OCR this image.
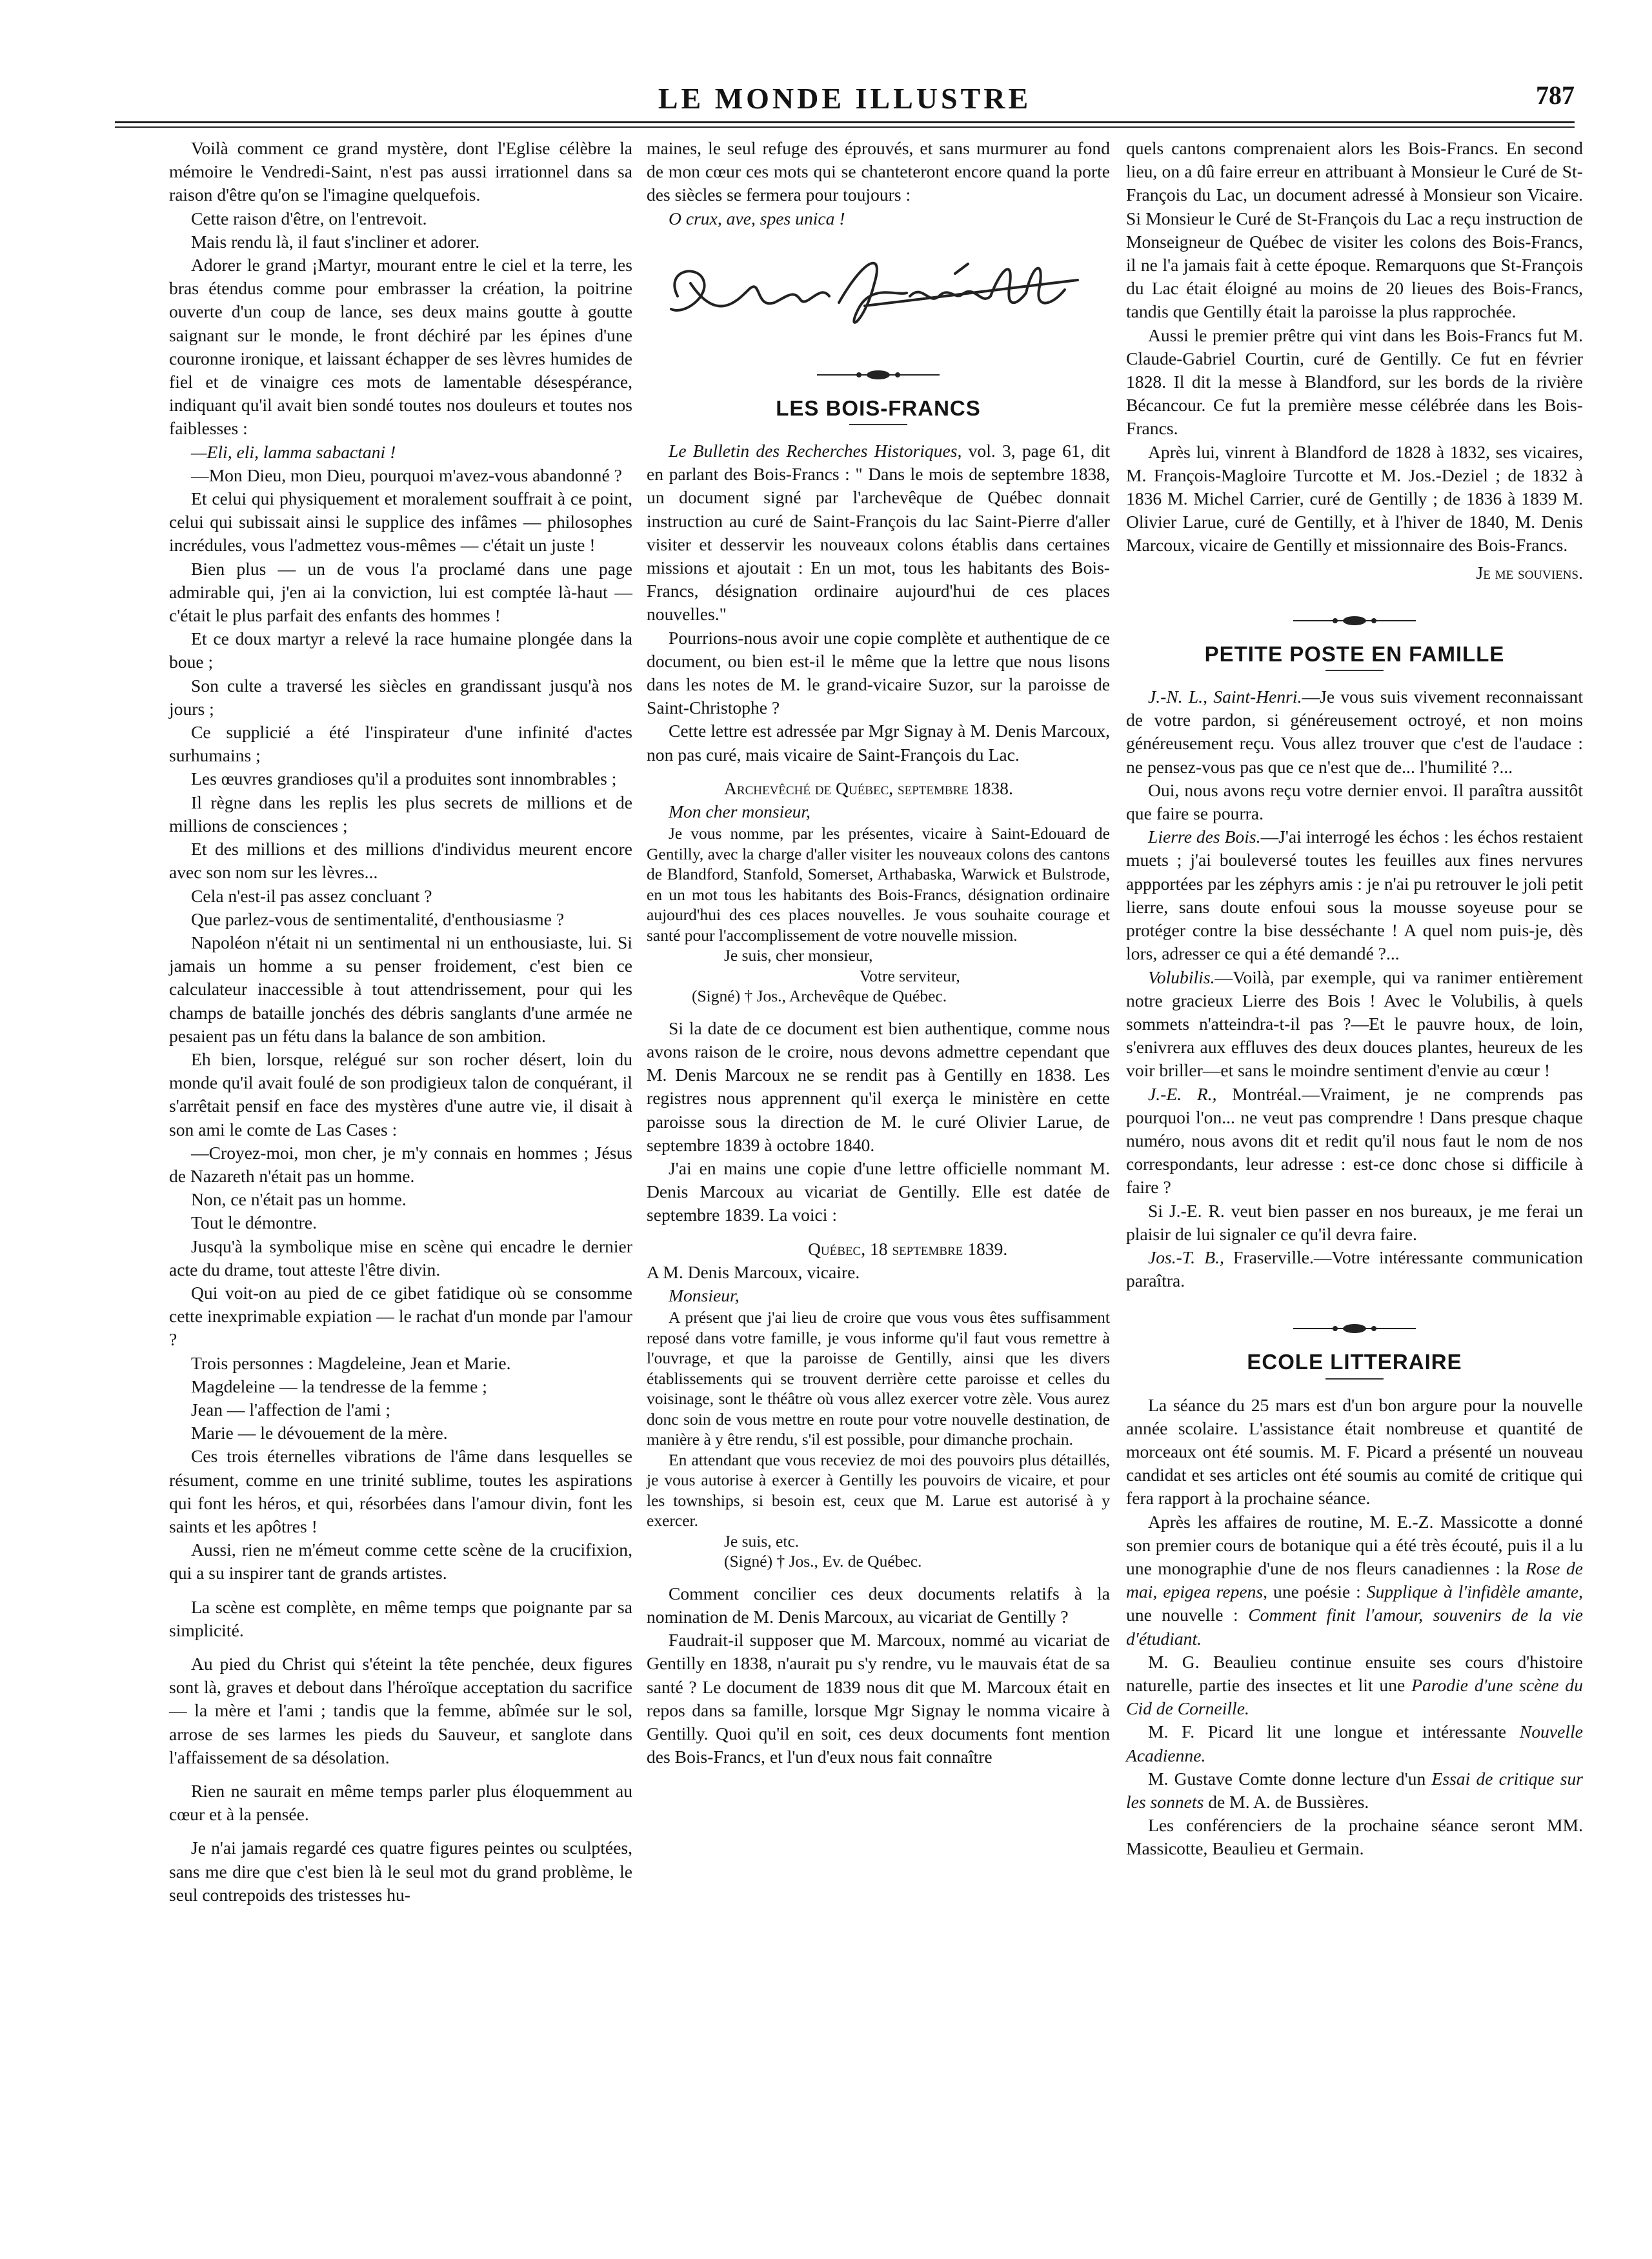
LE MONDE ILLUSTRE	787

Voilà comment ce grand mystère, dont l'Eglise célèbre la mémoire le Vendredi-Saint, n'est pas aussi irrationnel dans sa raison d'être qu'on se l'imagine quelquefois.

Cette raison d'être, on l'entrevoit.

Mais rendu là, il faut s'incliner et adorer.

Adorer le grand ¡Martyr, mourant entre le ciel et la terre, les bras étendus comme pour embrasser la création, la poitrine ouverte d'un coup de lance, ses deux mains goutte à goutte saignant sur le monde, le front déchiré par les épines d'une couronne ironique, et laissant échapper de ses lèvres humides de fiel et de vinaigre ces mots de lamentable désespérance, indiquant qu'il avait bien sondé toutes nos douleurs et toutes nos faiblesses :

—Eli, eli, lamma sabactani !

—Mon Dieu, mon Dieu, pourquoi m'avez-vous abandonné ?

Et celui qui physiquement et moralement souffrait à ce point, celui qui subissait ainsi le supplice des infâmes — philosophes incrédules, vous l'admettez vous-mêmes — c'était un juste !

Bien plus — un de vous l'a proclamé dans une page admirable qui, j'en ai la conviction, lui est comptée là-haut — c'était le plus parfait des enfants des hommes !

Et ce doux martyr a relevé la race humaine plongée dans la boue ;

Son culte a traversé les siècles en grandissant jusqu'à nos jours ;

Ce supplicié a été l'inspirateur d'une infinité d'actes surhumains ;

Les œuvres grandioses qu'il a produites sont innombrables ;

Il règne dans les replis les plus secrets de millions et de millions de consciences ;

Et des millions et des millions d'individus meurent encore avec son nom sur les lèvres...

Cela n'est-il pas assez concluant ?

Que parlez-vous de sentimentalité, d'enthousiasme ?

Napoléon n'était ni un sentimental ni un enthousiaste, lui. Si jamais un homme a su penser froidement, c'est bien ce calculateur inaccessible à tout attendrissement, pour qui les champs de bataille jonchés des débris sanglants d'une armée ne pesaient pas un fétu dans la balance de son ambition.

Eh bien, lorsque, relégué sur son rocher désert, loin du monde qu'il avait foulé de son prodigieux talon de conquérant, il s'arrêtait pensif en face des mystères d'une autre vie, il disait à son ami le comte de Las Cases :

—Croyez-moi, mon cher, je m'y connais en hommes ; Jésus de Nazareth n'était pas un homme.

Non, ce n'était pas un homme.

Tout le démontre.

Jusqu'à la symbolique mise en scène qui encadre le dernier acte du drame, tout atteste l'être divin.

Qui voit-on au pied de ce gibet fatidique où se consomme cette inexprimable expiation — le rachat d'un monde par l'amour ?

Trois personnes : Magdeleine, Jean et Marie.

Magdeleine — la tendresse de la femme ;

Jean — l'affection de l'ami ;

Marie — le dévouement de la mère.

Ces trois éternelles vibrations de l'âme dans lesquelles se résument, comme en une trinité sublime, toutes les aspirations qui font les héros, et qui, résorbées dans l'amour divin, font les saints et les apôtres !

Aussi, rien ne m'émeut comme cette scène de la crucifixion, qui a su inspirer tant de grands artistes.

La scène est complète, en même temps que poignante par sa simplicité.

Au pied du Christ qui s'éteint la tête penchée, deux figures sont là, graves et debout dans l'héroïque acceptation du sacrifice — la mère et l'ami ; tandis que la femme, abîmée sur le sol, arrose de ses larmes les pieds du Sauveur, et sanglote dans l'affaissement de sa désolation.

Rien ne saurait en même temps parler plus éloquemment au cœur et à la pensée.

Je n'ai jamais regardé ces quatre figures peintes ou sculptées, sans me dire que c'est bien là le seul mot du grand problème, le seul contrepoids des tristesses hu-

maines, le seul refuge des éprouvés, et sans murmurer au fond de mon cœur ces mots qui se chanteteront encore quand la porte des siècles se fermera pour toujours :

O crux, ave, spes unica !

LES BOIS-FRANCS

Le Bulletin des Recherches Historiques, vol. 3, page 61, dit en parlant des Bois-Francs : " Dans le mois de septembre 1838, un document signé par l'archevêque de Québec donnait instruction au curé de Saint-François du lac Saint-Pierre d'aller visiter et desservir les nouveaux colons établis dans certaines missions et ajoutait : En un mot, tous les habitants des Bois-Francs, désignation ordinaire aujourd'hui de ces places nouvelles."

Pourrions-nous avoir une copie complète et authentique de ce document, ou bien est-il le même que la lettre que nous lisons dans les notes de M. le grand-vicaire Suzor, sur la paroisse de Saint-Christophe ?

Cette lettre est adressée par Mgr Signay à M. Denis Marcoux, non pas curé, mais vicaire de Saint-François du Lac.

Archevêché de Québec, septembre 1838.

Mon cher monsieur,

Je vous nomme, par les présentes, vicaire à Saint-Edouard de Gentilly, avec la charge d'aller visiter les nouveaux colons des cantons de Blandford, Stanfold, Somerset, Arthabaska, Warwick et Bulstrode, en un mot tous les habitants des Bois-Francs, désignation ordinaire aujourd'hui des ces places nouvelles. Je vous souhaite courage et santé pour l'accomplissement de votre nouvelle mission.

Je suis, cher monsieur,

Votre serviteur,

(Signé) † Jos., Archevêque de Québec.

Si la date de ce document est bien authentique, comme nous avons raison de le croire, nous devons admettre cependant que M. Denis Marcoux ne se rendit pas à Gentilly en 1838. Les registres nous apprennent qu'il exerça le ministère en cette paroisse sous la direction de M. le curé Olivier Larue, de septembre 1839 à octobre 1840.

J'ai en mains une copie d'une lettre officielle nommant M. Denis Marcoux au vicariat de Gentilly. Elle est datée de septembre 1839. La voici :

Québec, 18 septembre 1839.

A M. Denis Marcoux, vicaire.

Monsieur,

A présent que j'ai lieu de croire que vous vous êtes suffisamment reposé dans votre famille, je vous informe qu'il faut vous remettre à l'ouvrage, et que la paroisse de Gentilly, ainsi que les divers établissements qui se trouvent derrière cette paroisse et celles du voisinage, sont le théâtre où vous allez exercer votre zèle. Vous aurez donc soin de vous mettre en route pour votre nouvelle destination, de manière à y être rendu, s'il est possible, pour dimanche prochain.

En attendant que vous receviez de moi des pouvoirs plus détaillés, je vous autorise à exercer à Gentilly les pouvoirs de vicaire, et pour les townships, si besoin est, ceux que M. Larue est autorisé à y exercer.

Je suis, etc.

(Signé) † Jos., Ev. de Québec.

Comment concilier ces deux documents relatifs à la nomination de M. Denis Marcoux, au vicariat de Gentilly ?

Faudrait-il supposer que M. Marcoux, nommé au vicariat de Gentilly en 1838, n'aurait pu s'y rendre, vu le mauvais état de sa santé ? Le document de 1839 nous dit que M. Marcoux était en repos dans sa famille, lorsque Mgr Signay le nomma vicaire à Gentilly. Quoi qu'il en soit, ces deux documents font mention des Bois-Francs, et l'un d'eux nous fait connaître

quels cantons comprenaient alors les Bois-Francs. En second lieu, on a dû faire erreur en attribuant à Monsieur le Curé de St-François du Lac, un document adressé à Monsieur son Vicaire. Si Monsieur le Curé de St-François du Lac a reçu instruction de Monseigneur de Québec de visiter les colons des Bois-Francs, il ne l'a jamais fait à cette époque. Remarquons que St-François du Lac était éloigné au moins de 20 lieues des Bois-Francs, tandis que Gentilly était la paroisse la plus rapprochée.

Aussi le premier prêtre qui vint dans les Bois-Francs fut M. Claude-Gabriel Courtin, curé de Gentilly. Ce fut en février 1828. Il dit la messe à Blandford, sur les bords de la rivière Bécancour. Ce fut la première messe célébrée dans les Bois-Francs.

Après lui, vinrent à Blandford de 1828 à 1832, ses vicaires, M. François-Magloire Turcotte et M. Jos.-Deziel ; de 1832 à 1836 M. Michel Carrier, curé de Gentilly ; de 1836 à 1839 M. Olivier Larue, curé de Gentilly, et à l'hiver de 1840, M. Denis Marcoux, vicaire de Gentilly et missionnaire des Bois-Francs.

Je me souviens.

PETITE POSTE EN FAMILLE

J.-N. L., Saint-Henri.—Je vous suis vivement reconnaissant de votre pardon, si généreusement octroyé, et non moins généreusement reçu. Vous allez trouver que c'est de l'audace : ne pensez-vous pas que ce n'est que de... l'humilité ?...

Oui, nous avons reçu votre dernier envoi. Il paraîtra aussitôt que faire se pourra.

Lierre des Bois.—J'ai interrogé les échos : les échos restaient muets ; j'ai bouleversé toutes les feuilles aux fines nervures appportées par les zéphyrs amis : je n'ai pu retrouver le joli petit lierre, sans doute enfoui sous la mousse soyeuse pour se protéger contre la bise desséchante ! A quel nom puis-je, dès lors, adresser ce qui a été demandé ?...

Volubilis.—Voilà, par exemple, qui va ranimer entièrement notre gracieux Lierre des Bois ! Avec le Volubilis, à quels sommets n'atteindra-t-il pas ?—Et le pauvre houx, de loin, s'enivrera aux effluves des deux douces plantes, heureux de les voir briller—et sans le moindre sentiment d'envie au cœur !

J.-E. R., Montréal.—Vraiment, je ne comprends pas pourquoi l'on... ne veut pas comprendre ! Dans presque chaque numéro, nous avons dit et redit qu'il nous faut le nom de nos correspondants, leur adresse : est-ce donc chose si difficile à faire ?

Si J.-E. R. veut bien passer en nos bureaux, je me ferai un plaisir de lui signaler ce qu'il devra faire.

Jos.-T. B., Fraserville.—Votre intéressante communication paraîtra.

ECOLE LITTERAIRE

La séance du 25 mars est d'un bon argure pour la nouvelle année scolaire. L'assistance était nombreuse et quantité de morceaux ont été soumis. M. F. Picard a présenté un nouveau candidat et ses articles ont été soumis au comité de critique qui fera rapport à la prochaine séance.

Après les affaires de routine, M. E.-Z. Massicotte a donné son premier cours de botanique qui a été très écouté, puis il a lu une monographie d'une de nos fleurs canadiennes : la Rose de mai, epigea repens, une poésie : Supplique à l'infidèle amante, une nouvelle : Comment finit l'amour, souvenirs de la vie d'étudiant.

M. G. Beaulieu continue ensuite ses cours d'histoire naturelle, partie des insectes et lit une Parodie d'une scène du Cid de Corneille.

M. F. Picard lit une longue et intéressante Nouvelle Acadienne.

M. Gustave Comte donne lecture d'un Essai de critique sur les sonnets de M. A. de Bussières.

Les conférenciers de la prochaine séance seront MM. Massicotte, Beaulieu et Germain.
